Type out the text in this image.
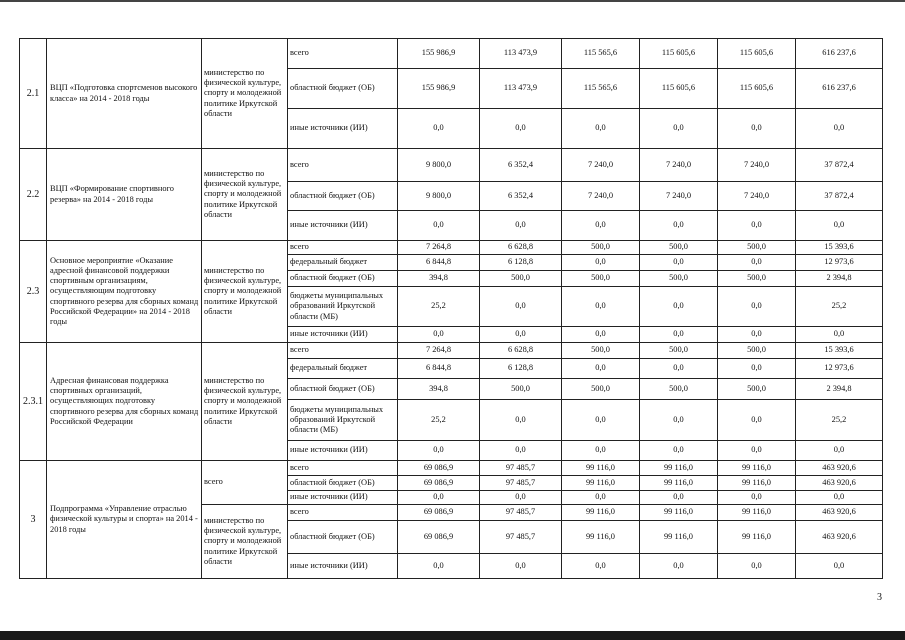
2.1	ВЦП «Подготовка спортсменов высокого класса» на 2014 - 2018 годы	министерство по физической культуре, спорту и молодежной политике Иркутской области	всего	155 986,9	113 473,9	115 565,6	115 605,6	115 605,6	616 237,6
			областной бюджет (ОБ)	155 986,9	113 473,9	115 565,6	115 605,6	115 605,6	616 237,6
			иные источники (ИИ)	0,0	0,0	0,0	0,0	0,0	0,0
2.2	ВЦП «Формирование спортивного резерва» на 2014 - 2018 годы	министерство по физической культуре, спорту и молодежной политике Иркутской области	всего	9 800,0	6 352,4	7 240,0	7 240,0	7 240,0	37 872,4
			областной бюджет (ОБ)	9 800,0	6 352,4	7 240,0	7 240,0	7 240,0	37 872,4
			иные источники (ИИ)	0,0	0,0	0,0	0,0	0,0	0,0
2.3	Основное мероприятие «Оказание адресной финансовой поддержки спортивным организациям, осуществляющим подготовку спортивного резерва для сборных команд Российской Федерации» на 2014 - 2018 годы	министерство по физической культуре, спорту и молодежной политике Иркутской области	всего	7 264,8	6 628,8	500,0	500,0	500,0	15 393,6
			федеральный бюджет	6 844,8	6 128,8	0,0	0,0	0,0	12 973,6
			областной бюджет (ОБ)	394,8	500,0	500,0	500,0	500,0	2 394,8
			бюджеты муниципальных образований Иркутской области (МБ)	25,2	0,0	0,0	0,0	0,0	25,2
			иные источники (ИИ)	0,0	0,0	0,0	0,0	0,0	0,0
2.3.1	Адресная финансовая поддержка спортивных организаций, осуществляющих подготовку спортивного резерва для сборных команд Российской Федерации	министерство по физической культуре, спорту и молодежной политике Иркутской области	всего	7 264,8	6 628,8	500,0	500,0	500,0	15 393,6
			федеральный бюджет	6 844,8	6 128,8	0,0	0,0	0,0	12 973,6
			областной бюджет (ОБ)	394,8	500,0	500,0	500,0	500,0	2 394,8
			бюджеты муниципальных образований Иркутской области (МБ)	25,2	0,0	0,0	0,0	0,0	25,2
			иные источники (ИИ)	0,0	0,0	0,0	0,0	0,0	0,0
3	Подпрограмма «Управление отраслью физической культуры и спорта» на 2014 - 2018 годы	всего	всего	69 086,9	97 485,7	99 116,0	99 116,0	99 116,0	463 920,6
			областной бюджет (ОБ)	69 086,9	97 485,7	99 116,0	99 116,0	99 116,0	463 920,6
			иные источники (ИИ)	0,0	0,0	0,0	0,0	0,0	0,0
		министерство по физической культуре, спорту и молодежной политике Иркутской области	всего	69 086,9	97 485,7	99 116,0	99 116,0	99 116,0	463 920,6
			областной бюджет (ОБ)	69 086,9	97 485,7	99 116,0	99 116,0	99 116,0	463 920,6
			иные источники (ИИ)	0,0	0,0	0,0	0,0	0,0	0,0
3
